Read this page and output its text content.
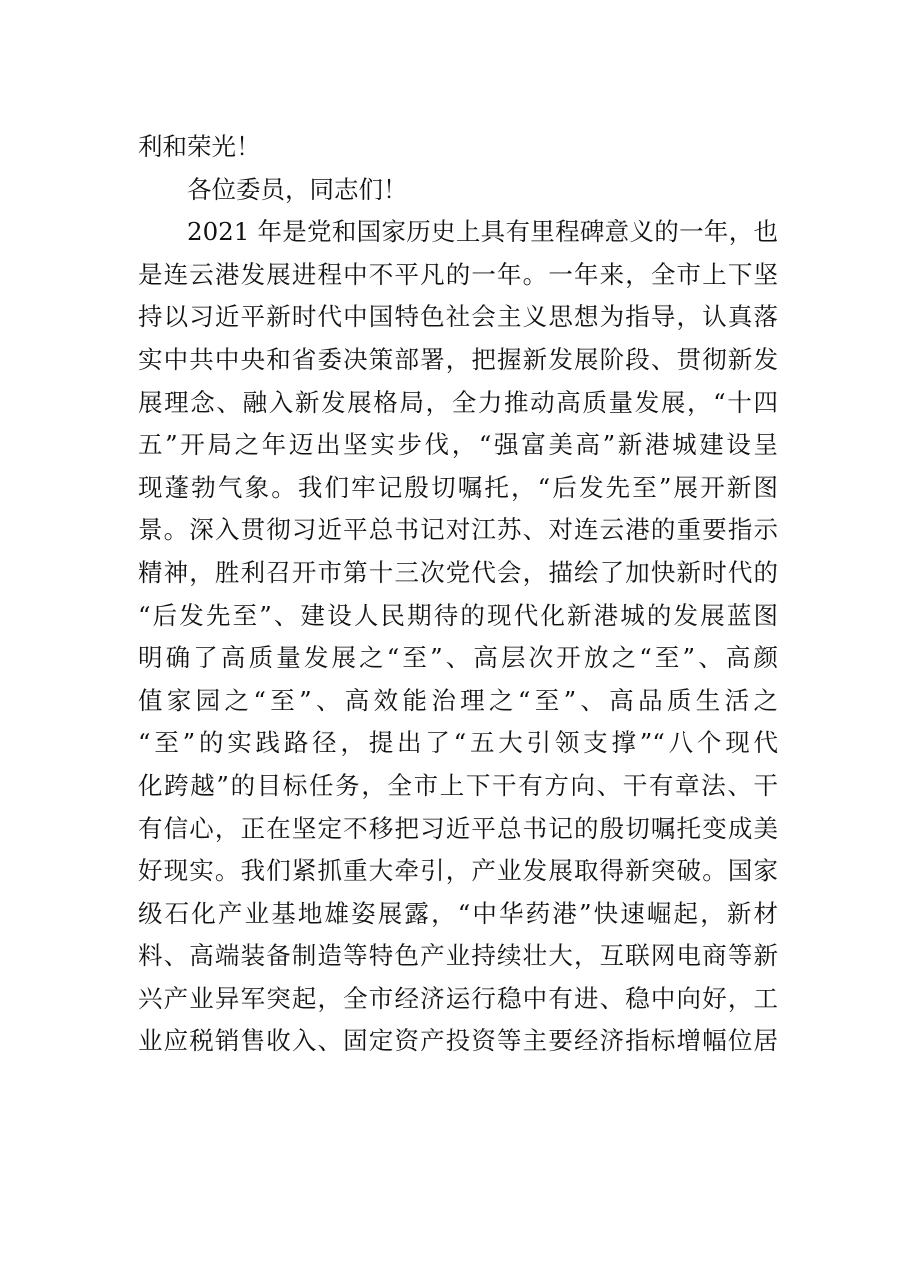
利和荣光！
各位委员，同志们！
2021 年是党和国家历史上具有里程碑意义的一年，也
是连云港发展进程中不平凡的一年。一年来，全市上下坚
持以习近平新时代中国特色社会主义思想为指导，认真落
实中共中央和省委决策部署，把握新发展阶段、贯彻新发
展理念、融入新发展格局，全力推动高质量发展，“十四
五”开局之年迈出坚实步伐，“强富美高”新港城建设呈
现蓬勃气象。我们牢记殷切嘱托，“后发先至”展开新图
景。深入贯彻习近平总书记对江苏、对连云港的重要指示
精神，胜利召开市第十三次党代会，描绘了加快新时代的
“后发先至”、建设人民期待的现代化新港城的发展蓝图
明确了高质量发展之“至”、高层次开放之“至”、高颜
值家园之“至”、高效能治理之“至”、高品质生活之
“至”的实践路径，提出了“五大引领支撑”“八个现代
化跨越”的目标任务，全市上下干有方向、干有章法、干
有信心，正在坚定不移把习近平总书记的殷切嘱托变成美
好现实。我们紧抓重大牵引，产业发展取得新突破。国家
级石化产业基地雄姿展露，“中华药港”快速崛起，新材
料、高端装备制造等特色产业持续壮大，互联网电商等新
兴产业异军突起，全市经济运行稳中有进、稳中向好，工
业应税销售收入、固定资产投资等主要经济指标增幅位居
